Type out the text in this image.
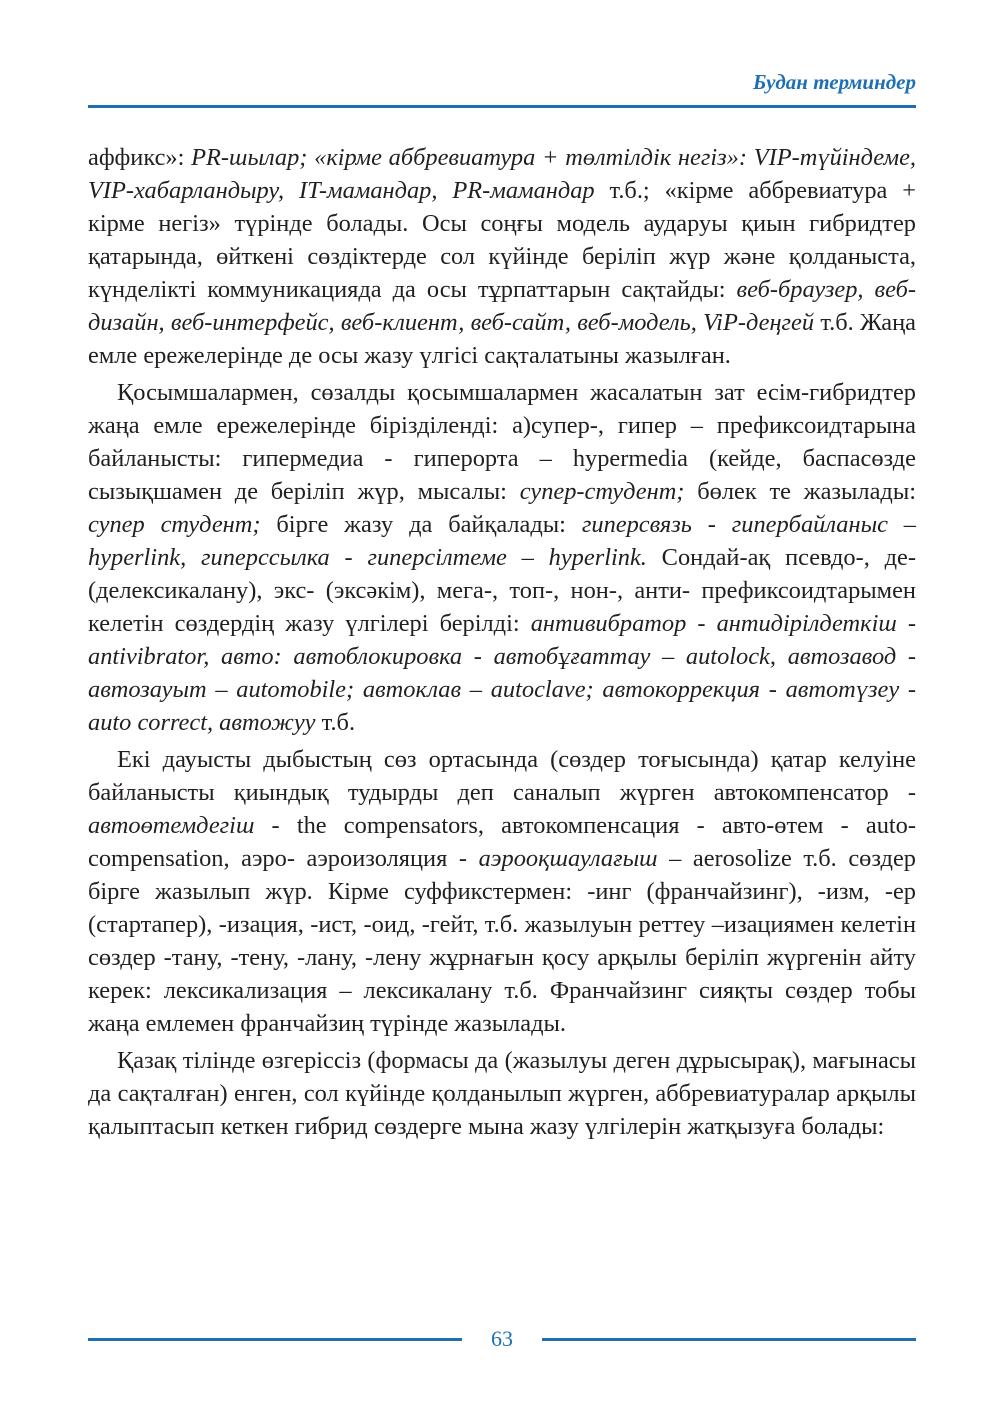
Будан терминдер

аффикс»: PR-шылар; «кірме аббревиатура + төлтілдік негіз»: VIP-түйіндеме, VIP-хабарландыру, IT-мамандар, PR-мамандар т.б.; «кірме аббревиатура + кірме негіз» түрінде болады. Осы соңғы модель аударуы қиын гибридтер қатарында, өйткені сөздіктерде сол күйінде беріліп жүр және қолданыста, күнделікті коммуникацияда да осы тұрпаттарын сақтайды: веб-браузер, веб-дизайн, веб-интерфейс, веб-клиент, веб-сайт, веб-модель, ViP-деңгей т.б. Жаңа емле ережелерінде де осы жазу үлгісі сақталатыны жазылған.

Қосымшалармен, сөзалды қосымшалармен жасалатын зат есім-гибридтер жаңа емле ережелерінде бірізділенді: а)супер-, гипер – префиксоидтарына байланысты: гипермедиа - гиперорта – hypermedia (кейде, баспасөзде сызықшамен де беріліп жүр, мысалы: супер-студент; бөлек те жазылады: супер студент; бірге жазу да байқалады: гиперсвязь - гипербайланыс – hyperlink, гиперссылка - гиперсілтеме – hyperlink. Сондай-ақ псевдо-, де- (делексикалану), экс- (эксәкім), мега-, топ-, нон-, анти- префиксоидтарымен келетін сөздердің жазу үлгілері берілді: антивибратор - антидірілдеткіш - antivibrator, авто: автоблокировка - автобұғаттау – autolock, автозавод - автозауыт – automobile; автоклав – autoclave; автокоррекция - автотүзеу - auto correct, автожуу т.б.

Екі дауысты дыбыстың сөз ортасында (сөздер тоғысында) қатар келуіне байланысты қиындық тудырды деп саналып жүрген автокомпенсатор - автоөтемдегіш - the compensators, автокомпенсация - авто-өтем - auto-compensation, аэро- аэроизоляция - аэрооқшаулағыш – aerosolize т.б. сөздер бірге жазылып жүр. Кірме суффикстермен: -инг (франчайзинг), -изм, -ер (стартапер), -изация, -ист, -оид, -гейт, т.б. жазылуын реттеу –изациямен келетін сөздер -тану, -тену, -лану, -лену жұрнағын қосу арқылы беріліп жүргенін айту керек: лексикализация – лексикалану т.б. Франчайзинг сияқты сөздер тобы жаңа емлемен франчайзиң түрінде жазылады.

Қазақ тілінде өзгеріссіз (формасы да (жазылуы деген дұрысырақ), мағынасы да сақталған) енген, сол күйінде қолданылып жүрген, аббревиатуралар арқылы қалыптасып кеткен гибрид сөздерге мына жазу үлгілерін жатқызуға болады:

63
